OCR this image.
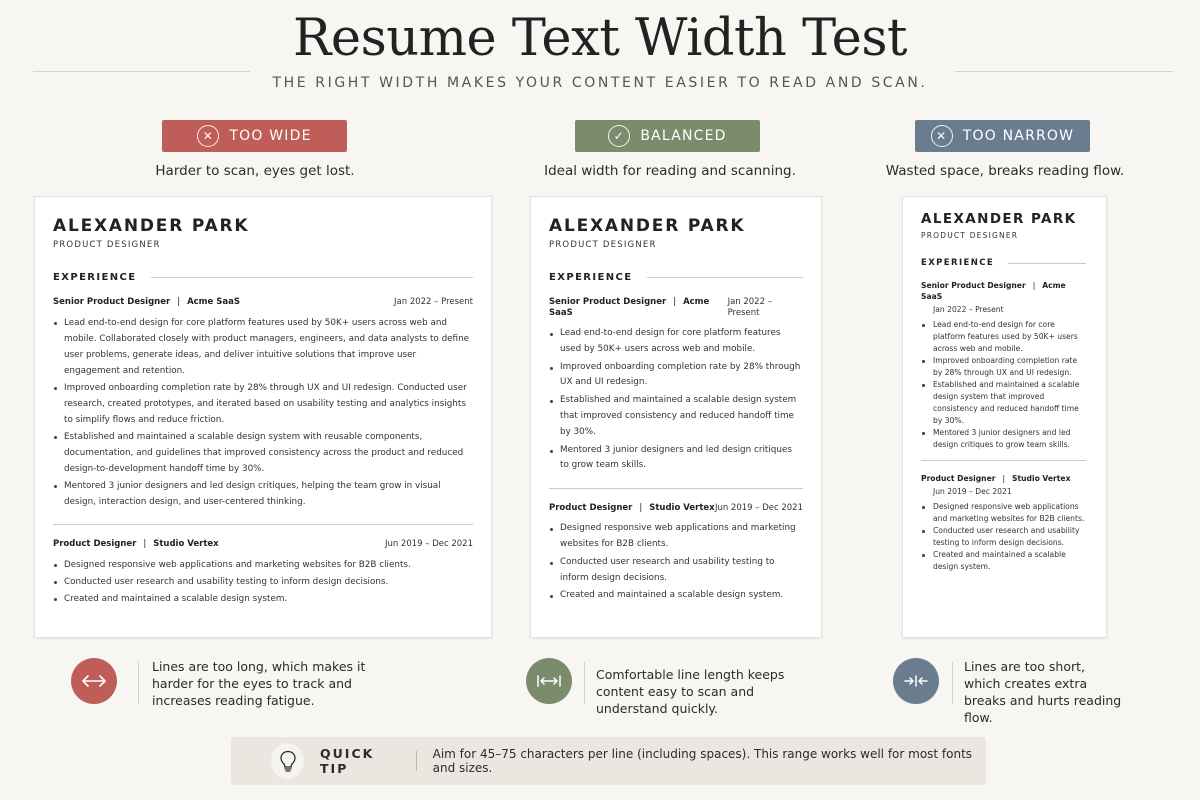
Resume Text Width Test
THE RIGHT WIDTH MAKES YOUR CONTENT EASIER TO READ AND SCAN.
✕	TOO WIDE	✓	BALANCED	✕	TOO NARROW
Harder to scan, eyes get lost.	Ideal width for reading and scanning.	Wasted space, breaks reading flow.
ALEXANDER PARK
PRODUCT DESIGNER
EXPERIENCE
Senior Product Designer | Acme SaaS	Jan 2022 – Present
Lead end-to-end design for core platform features used by 50K+ users across web and mobile. Collaborated closely with product managers, engineers, and data analysts to define user problems, generate ideas, and deliver intuitive solutions that improve user engagement and retention.
Improved onboarding completion rate by 28% through UX and UI redesign. Conducted user research, created prototypes, and iterated based on usability testing and analytics insights to simplify flows and reduce friction.
Established and maintained a scalable design system with reusable components, documentation, and guidelines that improved consistency across the product and reduced design-to-development handoff time by 30%.
Mentored 3 junior designers and led design critiques, helping the team grow in visual design, interaction design, and user-centered thinking.
Product Designer | Studio Vertex	Jun 2019 – Dec 2021
Designed responsive web applications and marketing websites for B2B clients.
Conducted user research and usability testing to inform design decisions.
Created and maintained a scalable design system.
ALEXANDER PARK
PRODUCT DESIGNER
EXPERIENCE
Senior Product Designer | Acme SaaS
Jan 2022 – Present
Lead end-to-end design for core platform features used by 50K+ users across web and mobile.
Improved onboarding completion rate by 28% through UX and UI redesign.
Established and maintained a scalable design system that improved consistency and reduced handoff time by 30%.
Mentored 3 junior designers and led design critiques to grow team skills.
Product Designer | Studio Vertex Jun 2019 – Dec 2021
Designed responsive web applications and marketing websites for B2B clients.
Conducted user research and usability testing to inform design decisions.
Created and maintained a scalable design system.
ALEXANDER PARK
PRODUCT DESIGNER
EXPERIENCE
Senior Product Designer | Acme SaaS
Jan 2022 – Present
Lead end-to-end design for core platform features used by 50K+ users across web and mobile.
Improved onboarding completion rate by 28% through UX and UI redesign.
Established and maintained a scalable design system that improved consistency and reduced handoff time by 30%.
Mentored 3 junior designers and led design critiques to grow team skills.
Product Designer | Studio Vertex
Jun 2019 – Dec 2021
Designed responsive web applications and marketing websites for B2B clients.
Conducted user research and usability testing to inform design decisions.
Created and maintained a scalable design system.
Lines are too long, which makes it harder for the eyes to track and increases reading fatigue.
Comfortable line length keeps content easy to scan and understand quickly.
Lines are too short, which creates extra breaks and hurts reading flow.
QUICK TIP
Aim for 45–75 characters per line (including spaces). This range works well for most fonts and sizes.
